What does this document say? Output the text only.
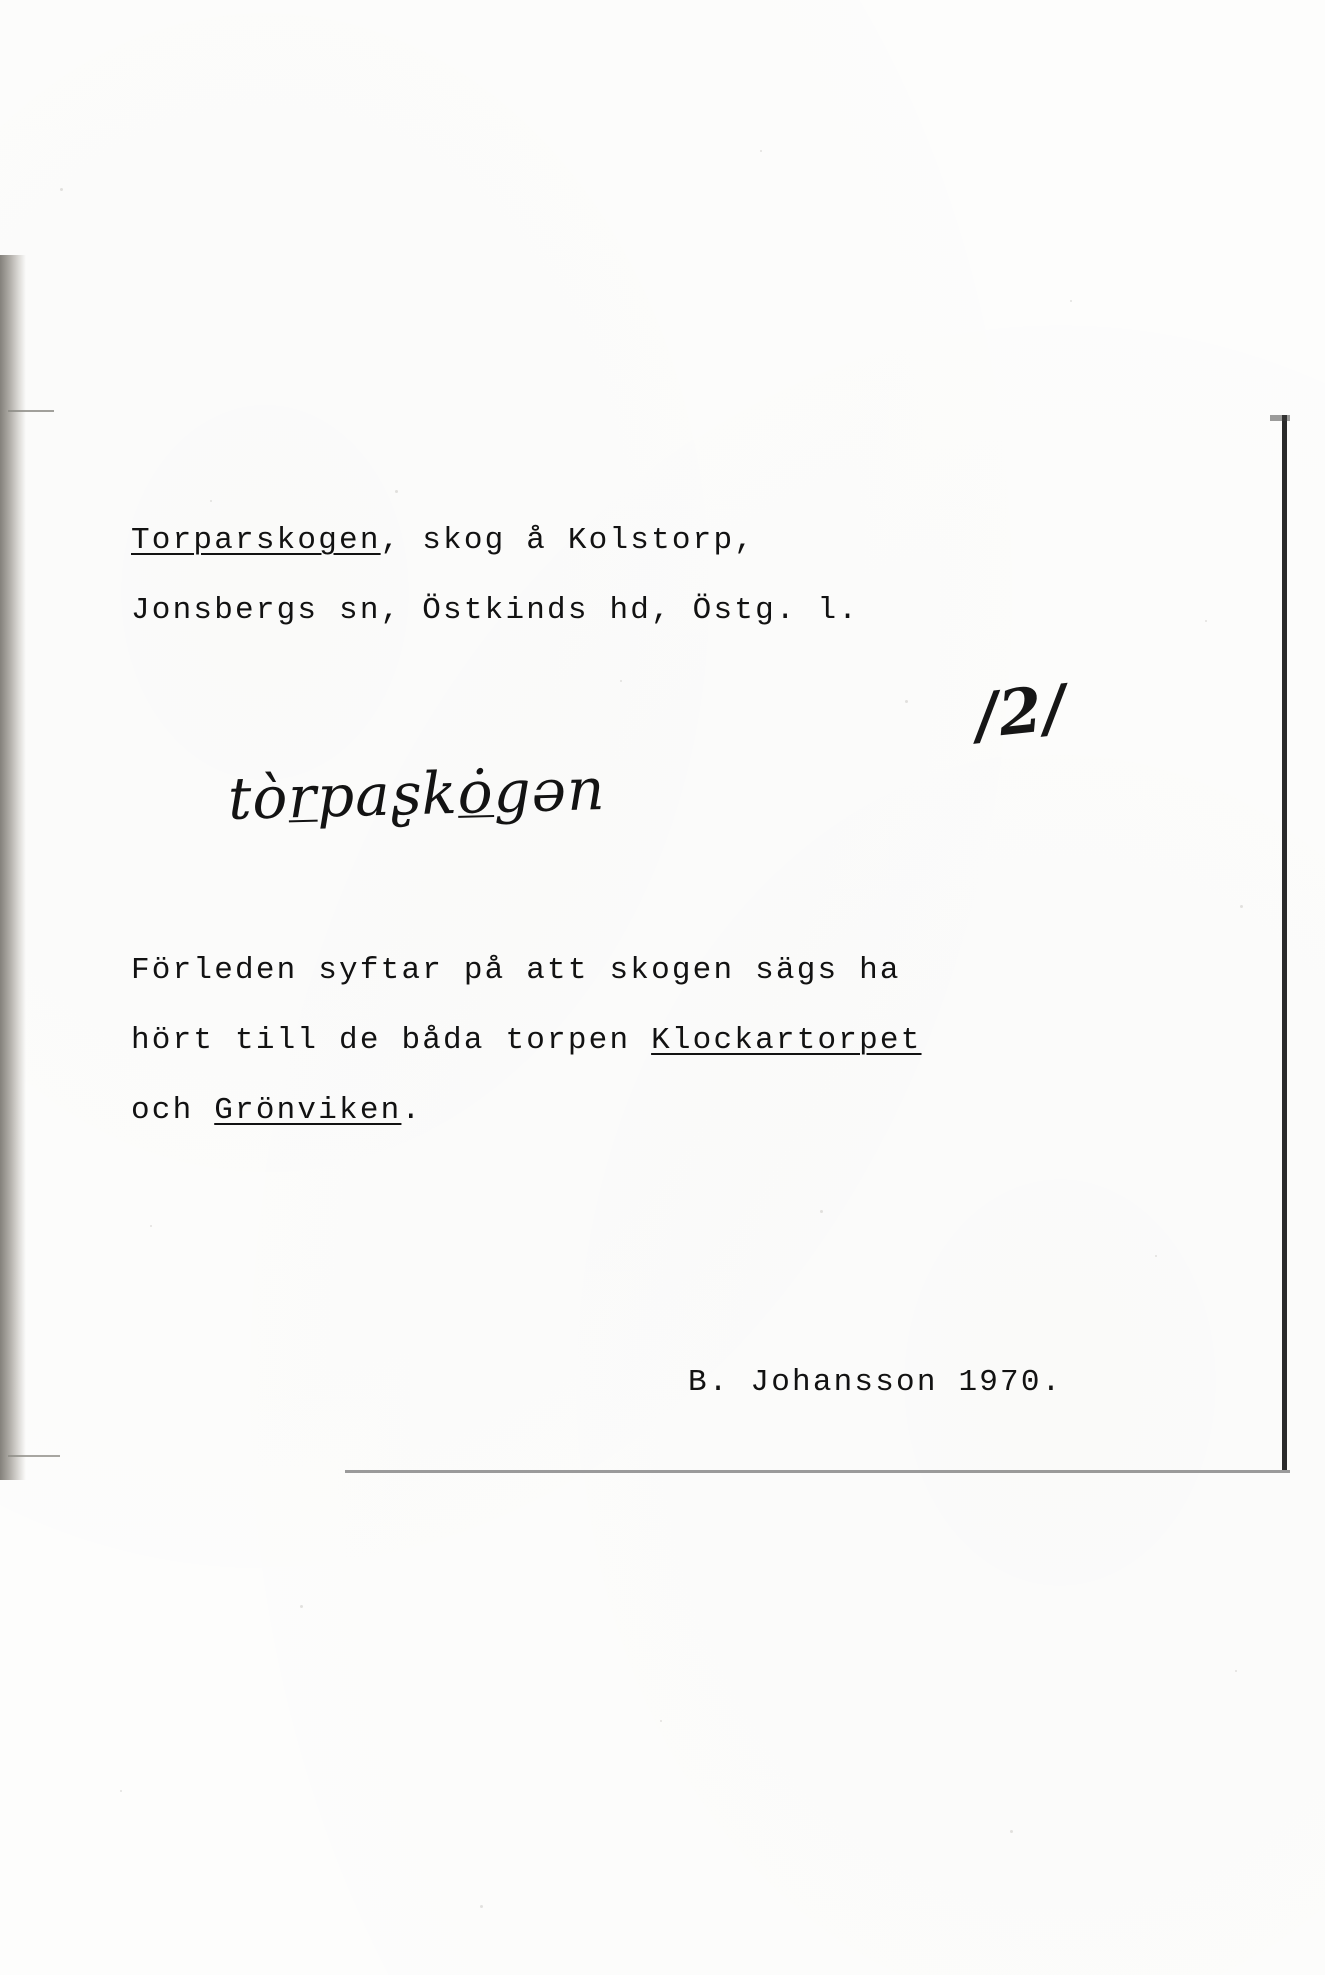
Torparskogen, skog å Kolstorp,
Jonsbergs sn, Östkinds hd, Östg. l.
/2/
tòrpaʂkȯgǝn
Förleden syftar på att skogen sägs ha
hört till de båda torpen Klockartorpet
och Grönviken.
B. Johansson 1970.
